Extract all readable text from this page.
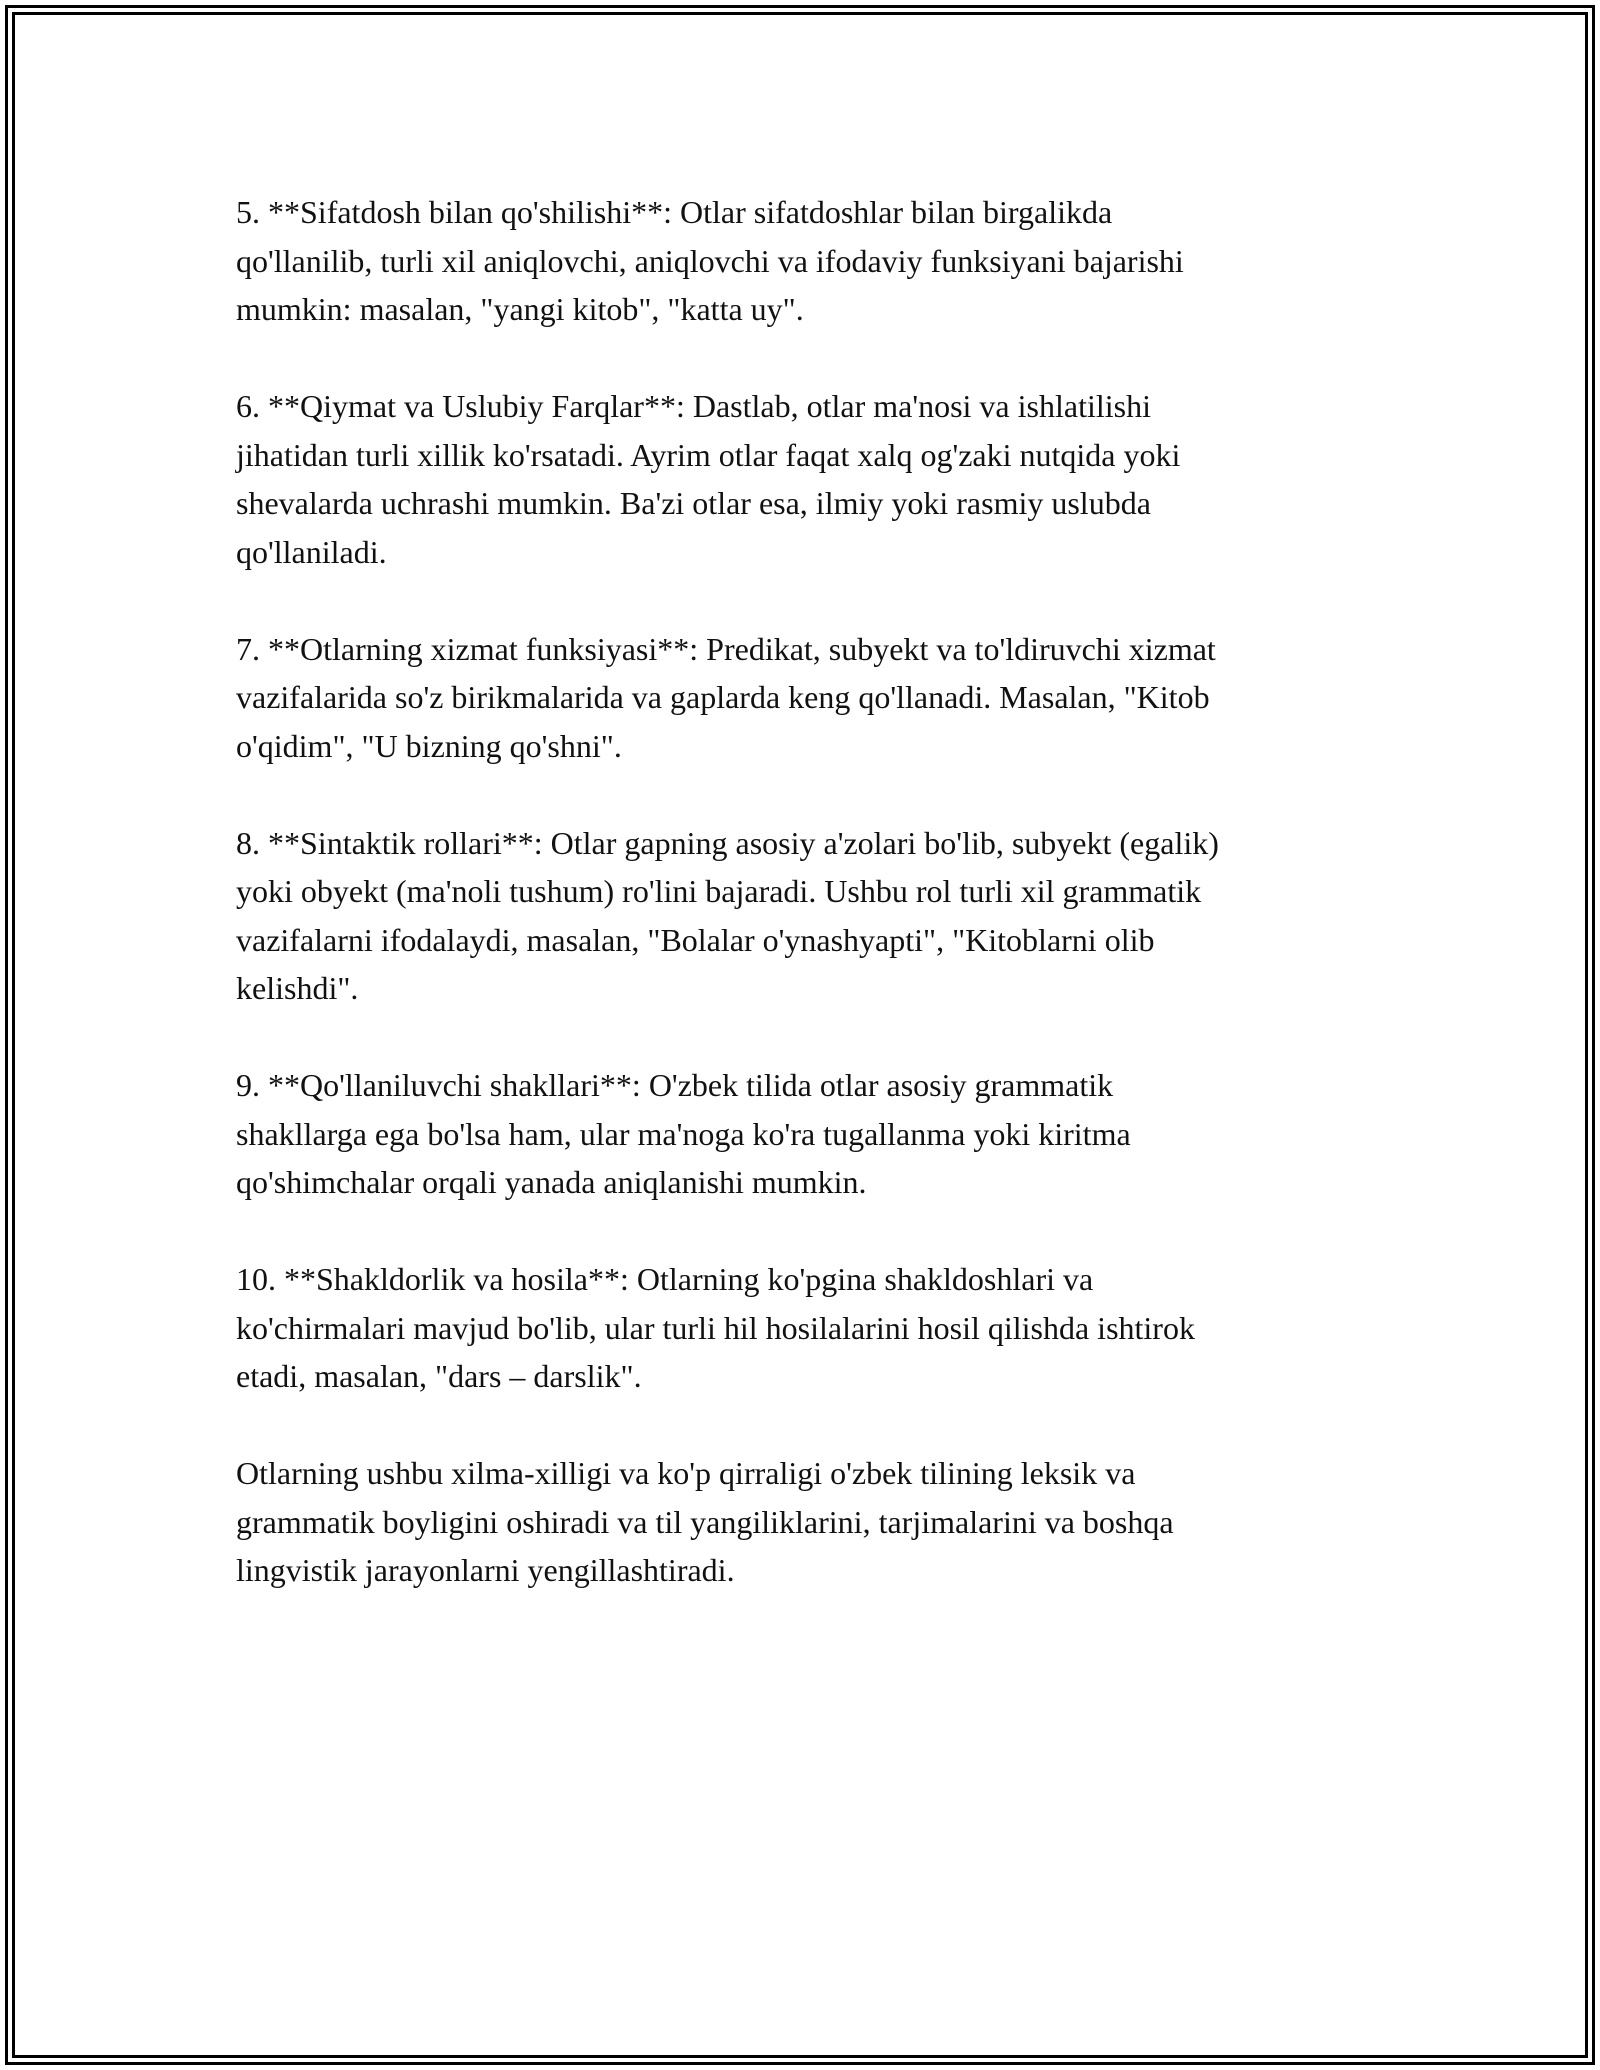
5. **Sifatdosh bilan qo'shilishi**: Otlar sifatdoshlar bilan birgalikda
qo'llanilib, turli xil aniqlovchi, aniqlovchi va ifodaviy funksiyani bajarishi
mumkin: masalan, "yangi kitob", "katta uy".

6. **Qiymat va Uslubiy Farqlar**: Dastlab, otlar ma'nosi va ishlatilishi
jihatidan turli xillik ko'rsatadi. Ayrim otlar faqat xalq og'zaki nutqida yoki
shevalarda uchrashi mumkin. Ba'zi otlar esa, ilmiy yoki rasmiy uslubda
qo'llaniladi.

7. **Otlarning xizmat funksiyasi**: Predikat, subyekt va to'ldiruvchi xizmat
vazifalarida so'z birikmalarida va gaplarda keng qo'llanadi. Masalan, "Kitob
o'qidim", "U bizning qo'shni".

8. **Sintaktik rollari**: Otlar gapning asosiy a'zolari bo'lib, subyekt (egalik)
yoki obyekt (ma'noli tushum) ro'lini bajaradi. Ushbu rol turli xil grammatik
vazifalarni ifodalaydi, masalan, "Bolalar o'ynashyapti", "Kitoblarni olib
kelishdi".

9. **Qo'llaniluvchi shakllari**: O'zbek tilida otlar asosiy grammatik
shakllarga ega bo'lsa ham, ular ma'noga ko'ra tugallanma yoki kiritma
qo'shimchalar orqali yanada aniqlanishi mumkin.

10. **Shakldorlik va hosila**: Otlarning ko'pgina shakldoshlari va
ko'chirmalari mavjud bo'lib, ular turli hil hosilalarini hosil qilishda ishtirok
etadi, masalan, "dars – darslik".

Otlarning ushbu xilma-xilligi va ko'p qirraligi o'zbek tilining leksik va
grammatik boyligini oshiradi va til yangiliklarini, tarjimalarini va boshqa
lingvistik jarayonlarni yengillashtiradi.
